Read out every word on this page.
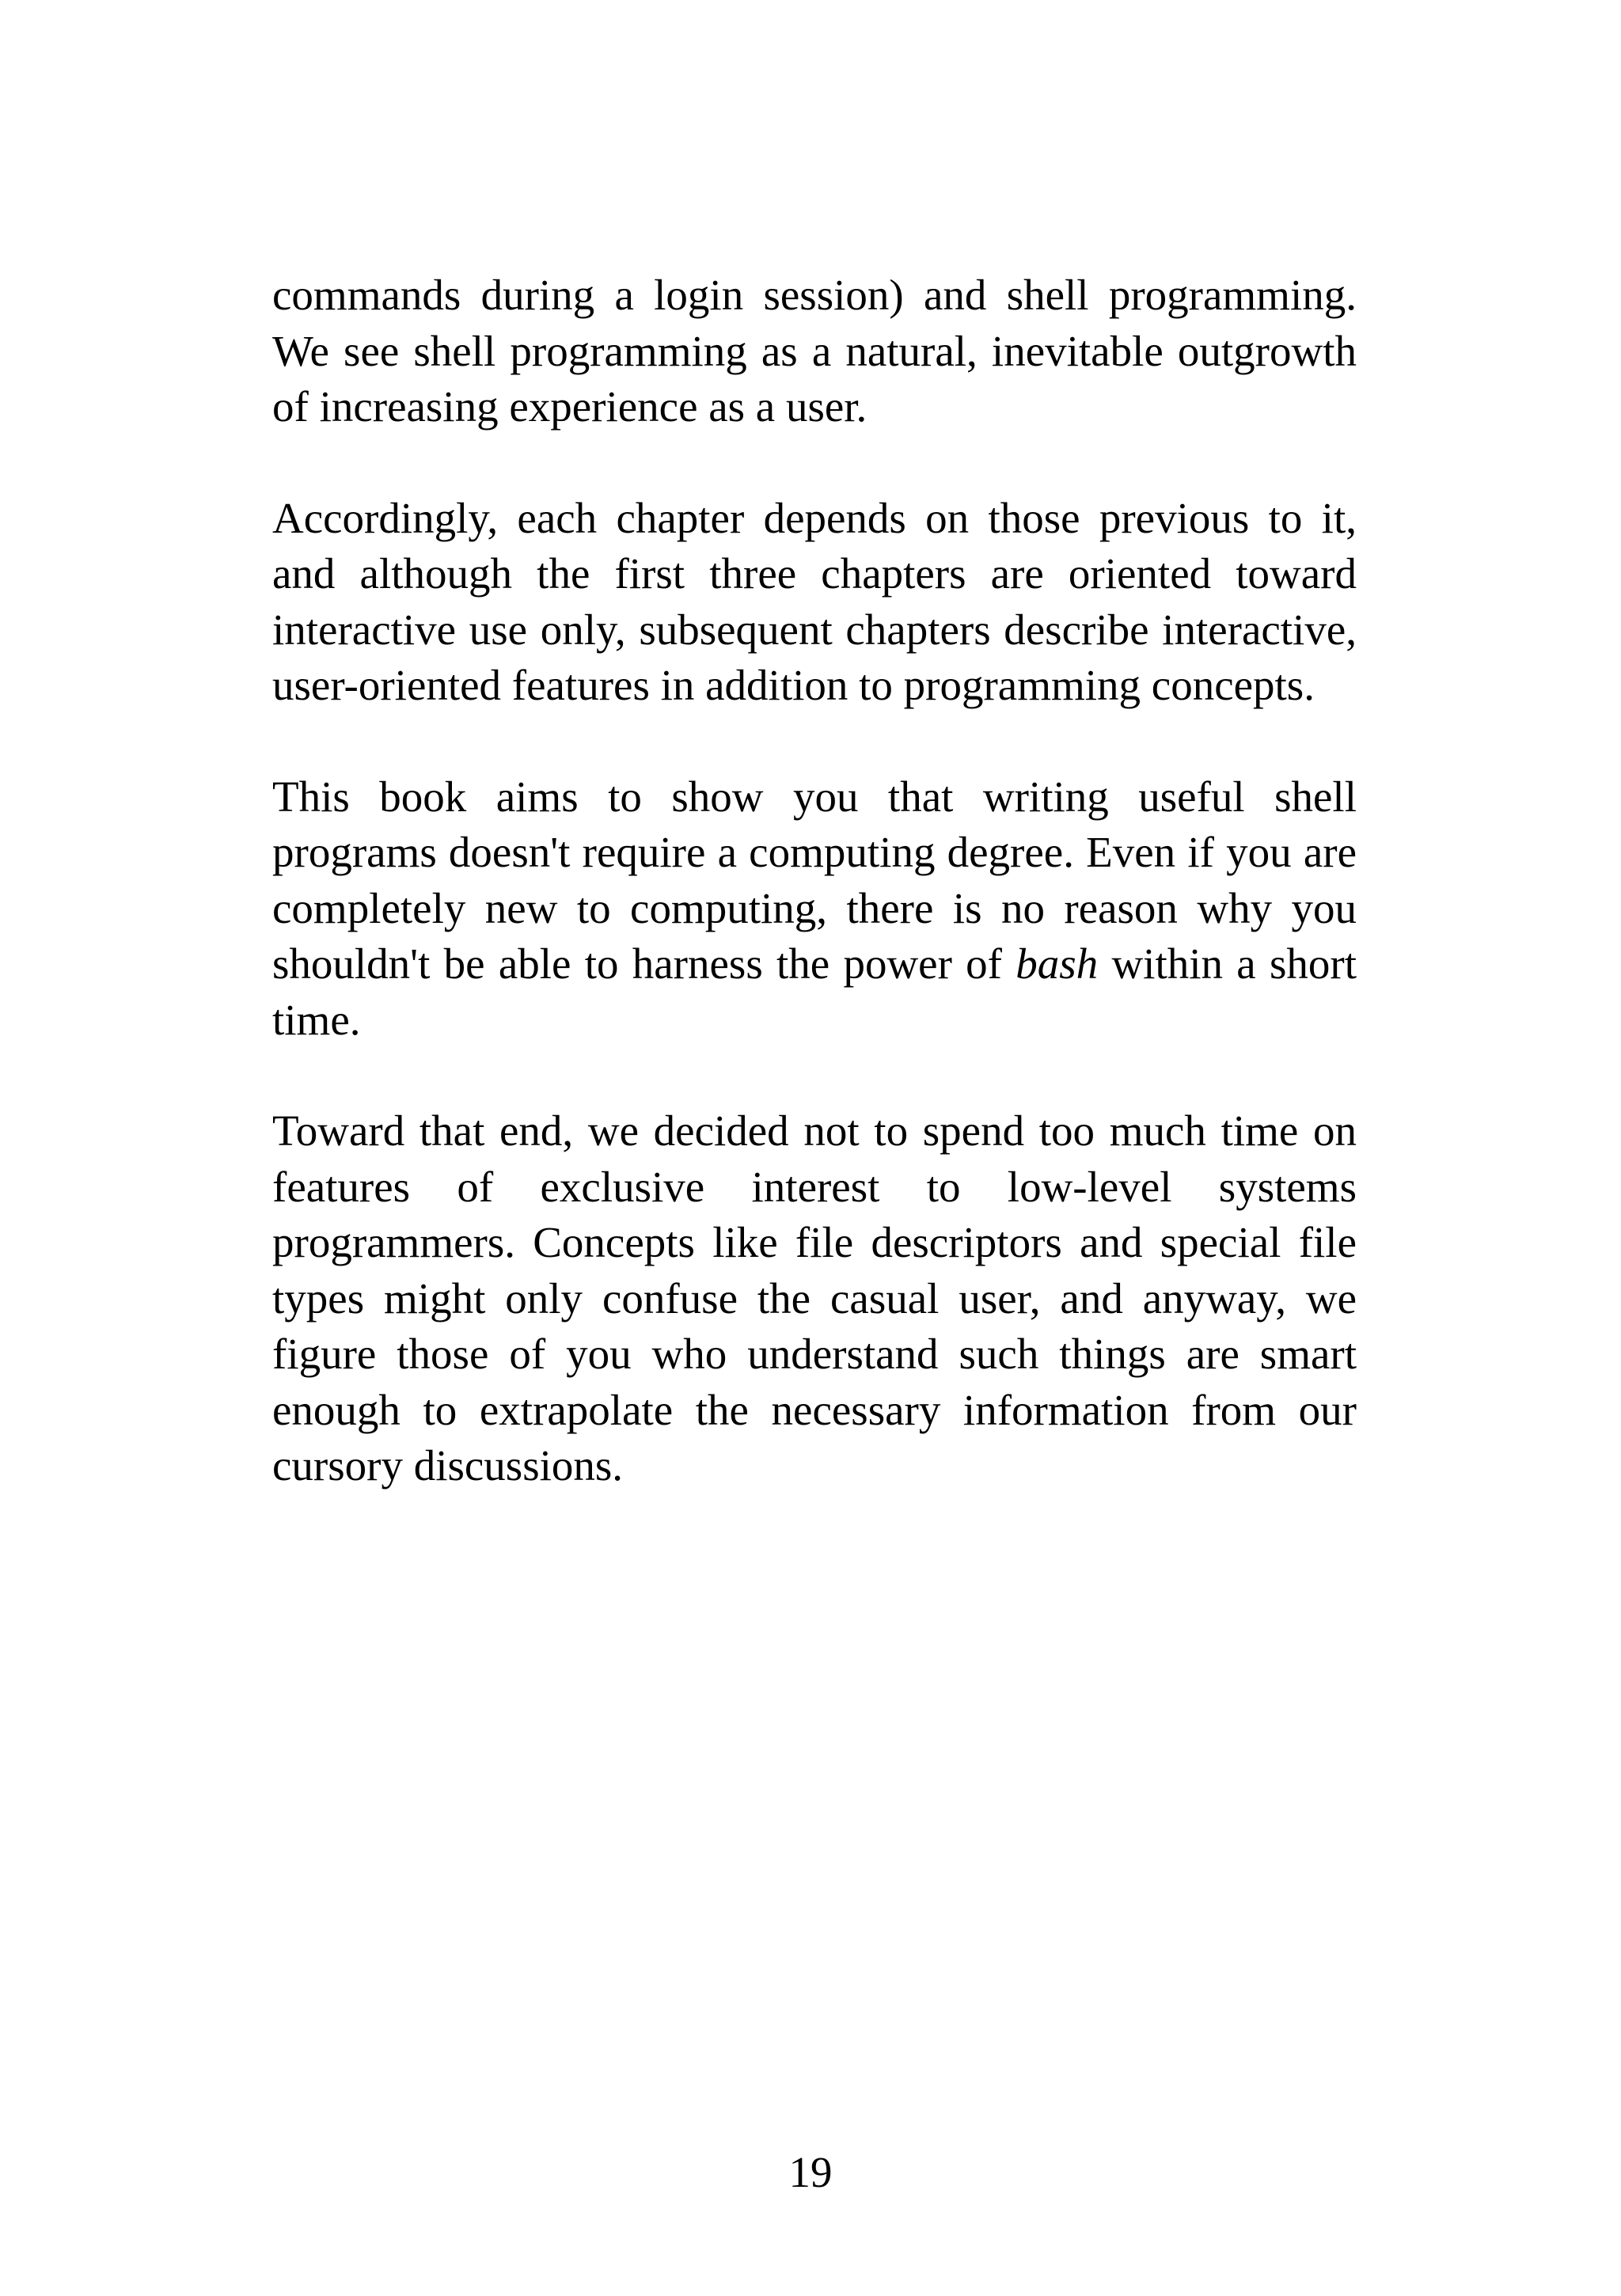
commands during a login session) and shell programming. We see shell programming as a natural, inevitable outgrowth of increasing experience as a user.

Accordingly, each chapter depends on those previous to it, and although the first three chapters are oriented toward interactive use only, subsequent chapters describe interactive, user-oriented features in addition to programming concepts.

This book aims to show you that writing useful shell programs doesn't require a computing degree. Even if you are completely new to computing, there is no reason why you shouldn't be able to harness the power of bash within a short time.

Toward that end, we decided not to spend too much time on features of exclusive interest to low-level systems programmers. Concepts like file descriptors and special file types might only confuse the casual user, and anyway, we figure those of you who understand such things are smart enough to extrapolate the necessary information from our cursory discussions.

19
